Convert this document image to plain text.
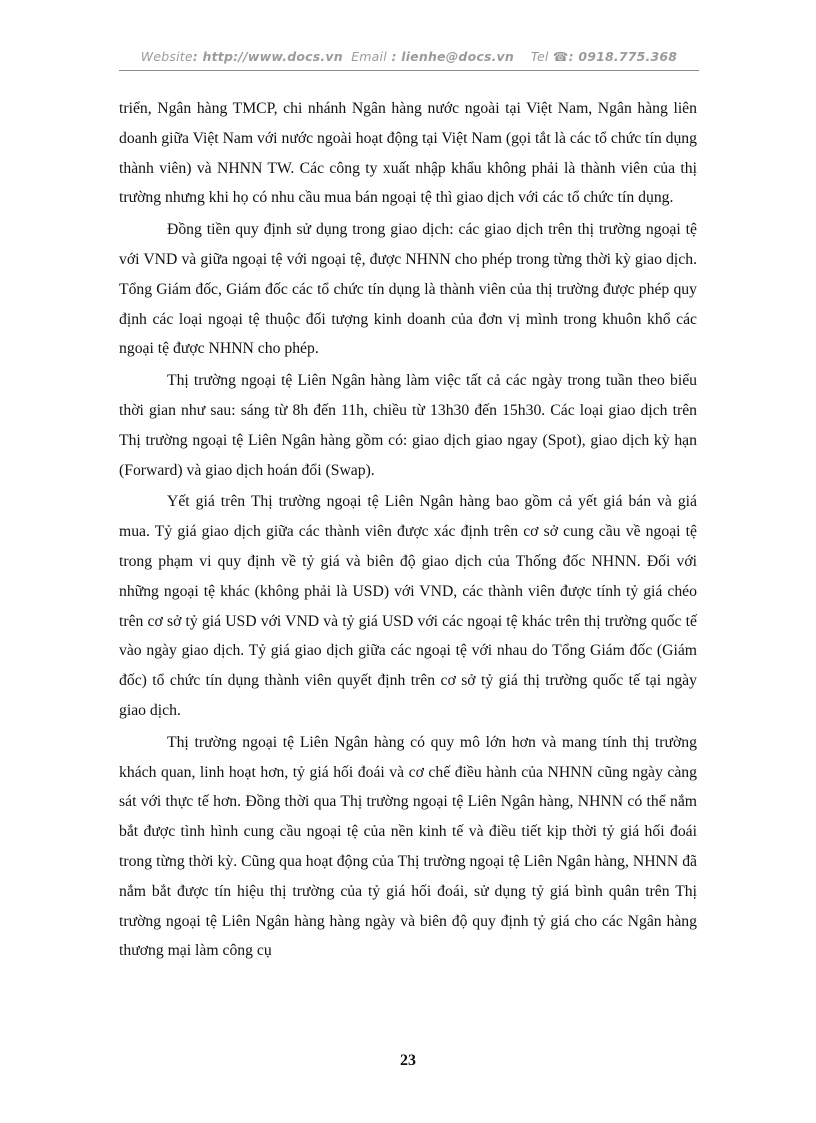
Website: http://www.docs.vn Email : lienhe@docs.vn Tel ☎: 0918.775.368

triển, Ngân hàng TMCP, chi nhánh Ngân hàng nước ngoài tại Việt Nam, Ngân hàng liên doanh giữa Việt Nam với nước ngoài hoạt động tại Việt Nam (gọi tắt là các tổ chức tín dụng thành viên) và NHNN TW. Các công ty xuất nhập khẩu không phải là thành viên của thị trường nhưng khi họ có nhu cầu mua bán ngoại tệ thì giao dịch với các tổ chức tín dụng.

Đồng tiền quy định sử dụng trong giao dịch: các giao dịch trên thị trường ngoại tệ với VND và giữa ngoại tệ với ngoại tệ, được NHNN cho phép trong từng thời kỳ giao dịch. Tổng Giám đốc, Giám đốc các tổ chức tín dụng là thành viên của thị trường được phép quy định các loại ngoại tệ thuộc đối tượng kinh doanh của đơn vị mình trong khuôn khổ các ngoại tệ được NHNN cho phép.

Thị trường ngoại tệ Liên Ngân hàng làm việc tất cả các ngày trong tuần theo biểu thời gian như sau: sáng từ 8h đến 11h, chiều từ 13h30 đến 15h30. Các loại giao dịch trên Thị trường ngoại tệ Liên Ngân hàng gồm có: giao dịch giao ngay (Spot), giao dịch kỳ hạn (Forward) và giao dịch hoán đổi (Swap).

Yết giá trên Thị trường ngoại tệ Liên Ngân hàng bao gồm cả yết giá bán và giá mua. Tỷ giá giao dịch giữa các thành viên được xác định trên cơ sở cung cầu về ngoại tệ trong phạm vi quy định về tỷ giá và biên độ giao dịch của Thống đốc NHNN. Đối với những ngoại tệ khác (không phải là USD) với VND, các thành viên được tính tỷ giá chéo trên cơ sở tỷ giá USD với VND và tỷ giá USD với các ngoại tệ khác trên thị trường quốc tế vào ngày giao dịch. Tỷ giá giao dịch giữa các ngoại tệ với nhau do Tổng Giám đốc (Giám đốc) tổ chức tín dụng thành viên quyết định trên cơ sở tỷ giá thị trường quốc tế tại ngày giao dịch.

Thị trường ngoại tệ Liên Ngân hàng có quy mô lớn hơn và mang tính thị trường khách quan, linh hoạt hơn, tỷ giá hối đoái và cơ chế điều hành của NHNN cũng ngày càng sát với thực tế hơn. Đồng thời qua Thị trường ngoại tệ Liên Ngân hàng, NHNN có thể nắm bắt được tình hình cung cầu ngoại tệ của nền kinh tế và điều tiết kịp thời tỷ giá hối đoái trong từng thời kỳ. Cũng qua hoạt động của Thị trường ngoại tệ Liên Ngân hàng, NHNN đã nắm bắt được tín hiệu thị trường của tỷ giá hối đoái, sử dụng tỷ giá bình quân trên Thị trường ngoại tệ Liên Ngân hàng hàng ngày và biên độ quy định tỷ giá cho các Ngân hàng thương mại làm công cụ

23
